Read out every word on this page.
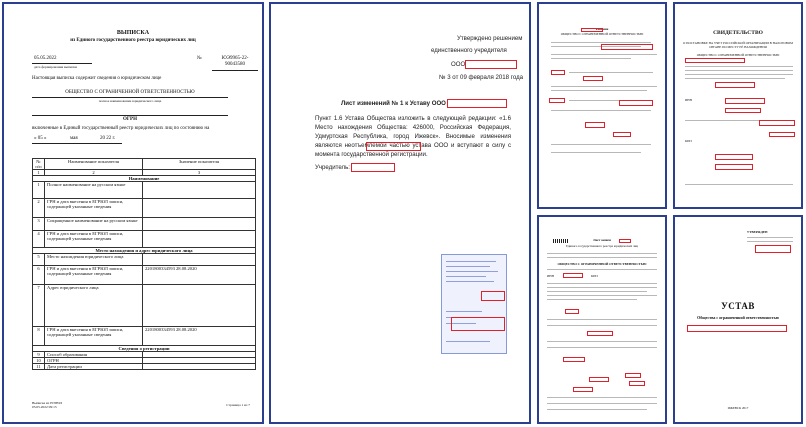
ВЫПИСКА
из Единого государственного реестра юридических лиц
05.05.2022
дата формирования выписки
№	ЮЭ9965-22-90043580
Настоящая выписка содержит сведения о юридическом лице
ОБЩЕСТВО С ОГРАНИЧЕННОЙ ОТВЕТСТВЕННОСТЬЮ
полное наименование юридического лица
ОГРН
включенные в Единый государственный реестр юридических лиц по состоянию на
« 05 »	мая	20 22 г.
№ п/п	Наименование показателя	Значение показателя
1	2	3
Наименование		
1	Полное наименование на русском языке	
2	ГРН и дата внесения в ЕГРЮЛ записи, содержащей указанные сведения	
3	Сокращенное наименование на русском языке	
4	ГРН и дата внесения в ЕГРЮЛ записи, содержащей указанные сведения	
Место нахождения и адрес юридического лица		
5	Место нахождения юридического лица	
6	ГРН и дата внесения в ЕГРЮЛ записи, содержащей указанные сведения	2201800334593 28.08.2020
7	Адрес юридического лица	
8	ГРН и дата внесения в ЕГРЮЛ записи, содержащей указанные сведения	2201800334593 28.08.2020
Сведения о регистрации		
9	Способ образования	
10	ОГРН	
11	Дата регистрации	
Выписка из ЕГРЮЛ
05.05.2022 09:15	Страница 1 из 7
Утверждено решением
единственного учредителя
ООО
№ 3 от 09 февраля 2018 года
Лист изменений № 1 к Уставу ООО
Пункт 1.6 Устава Общества изложить в следующей редакции: «1.6 Место нахождения Общества: 426000, Российская Федерация, Удмуртская Республика, город Ижевск». Вносимые изменения являются неотъемлемой частью устава ООО и вступают в силу с момента государственной регистрации.
Учредитель:
Решение
ОБЩЕСТВО С ОГРАНИЧЕННОЙ ОТВЕТСТВЕННОСТЬЮ	СВИДЕТЕЛЬСТВО
О ПОСТАНОВКЕ НА УЧЕТ РОССИЙСКОЙ ОРГАНИЗАЦИИ В НАЛОГОВОМ ОРГАНЕ ПО МЕСТУ ЕЁ НАХОЖДЕНИЯ
ОБЩЕСТВО С ОГРАНИЧЕННОЙ ОТВЕТСТВЕННОСТЬЮ
ИНН
КПП
Лист записи
Единого государственного реестра юридических лиц
ОБЩЕСТВО С ОГРАНИЧЕННОЙ ОТВЕТСТВЕННОСТЬЮ
ИНН	КПП
УТВЕРЖДЕН
УСТАВ
Общества с ограниченной ответственностью
ИЖЕВСК 2017
